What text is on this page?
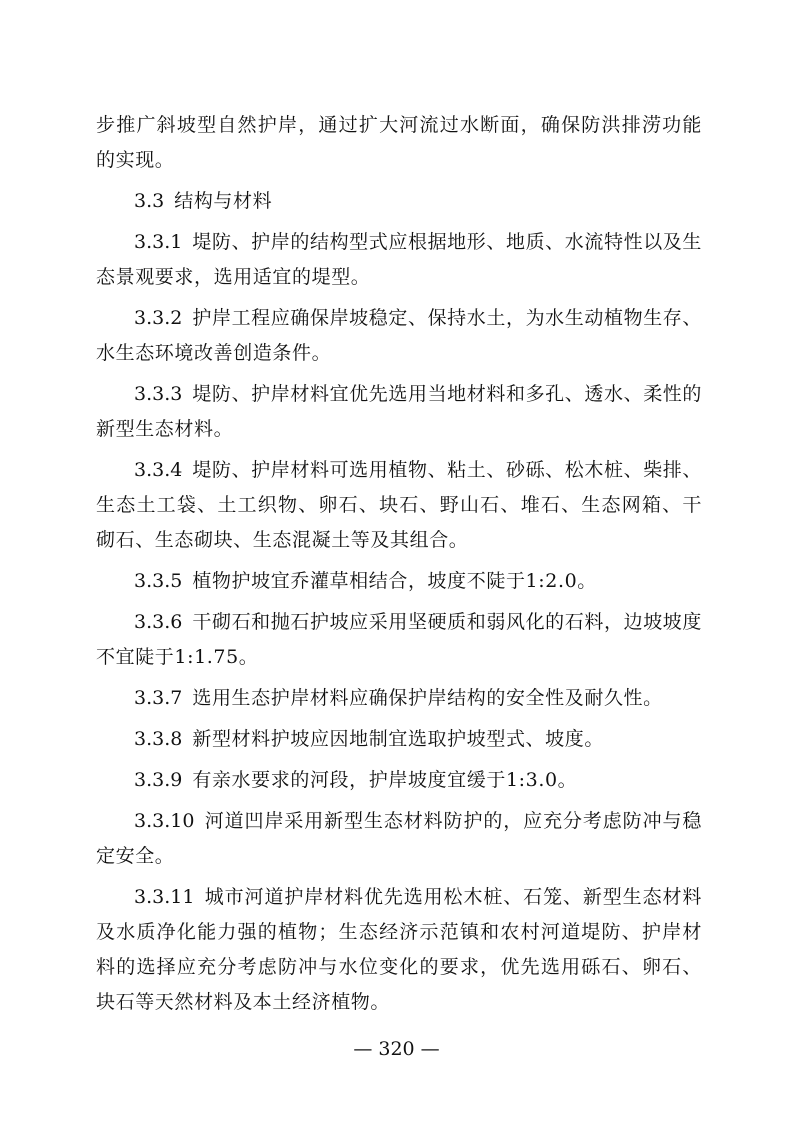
步推广斜坡型自然护岸，通过扩大河流过水断面，确保防洪排涝功能的实现。

3.3 结构与材料

3.3.1 堤防、护岸的结构型式应根据地形、地质、水流特性以及生态景观要求，选用适宜的堤型。

3.3.2 护岸工程应确保岸坡稳定、保持水土，为水生动植物生存、水生态环境改善创造条件。

3.3.3 堤防、护岸材料宜优先选用当地材料和多孔、透水、柔性的新型生态材料。

3.3.4 堤防、护岸材料可选用植物、粘土、砂砾、松木桩、柴排、生态土工袋、土工织物、卵石、块石、野山石、堆石、生态网箱、干砌石、生态砌块、生态混凝土等及其组合。

3.3.5 植物护坡宜乔灌草相结合，坡度不陡于1:2.0。

3.3.6 干砌石和抛石护坡应采用坚硬质和弱风化的石料，边坡坡度不宜陡于1:1.75。

3.3.7 选用生态护岸材料应确保护岸结构的安全性及耐久性。

3.3.8 新型材料护坡应因地制宜选取护坡型式、坡度。

3.3.9 有亲水要求的河段，护岸坡度宜缓于1:3.0。

3.3.10 河道凹岸采用新型生态材料防护的，应充分考虑防冲与稳定安全。

3.3.11 城市河道护岸材料优先选用松木桩、石笼、新型生态材料及水质净化能力强的植物；生态经济示范镇和农村河道堤防、护岸材料的选择应充分考虑防冲与水位变化的要求，优先选用砾石、卵石、块石等天然材料及本土经济植物。

— 320 —
